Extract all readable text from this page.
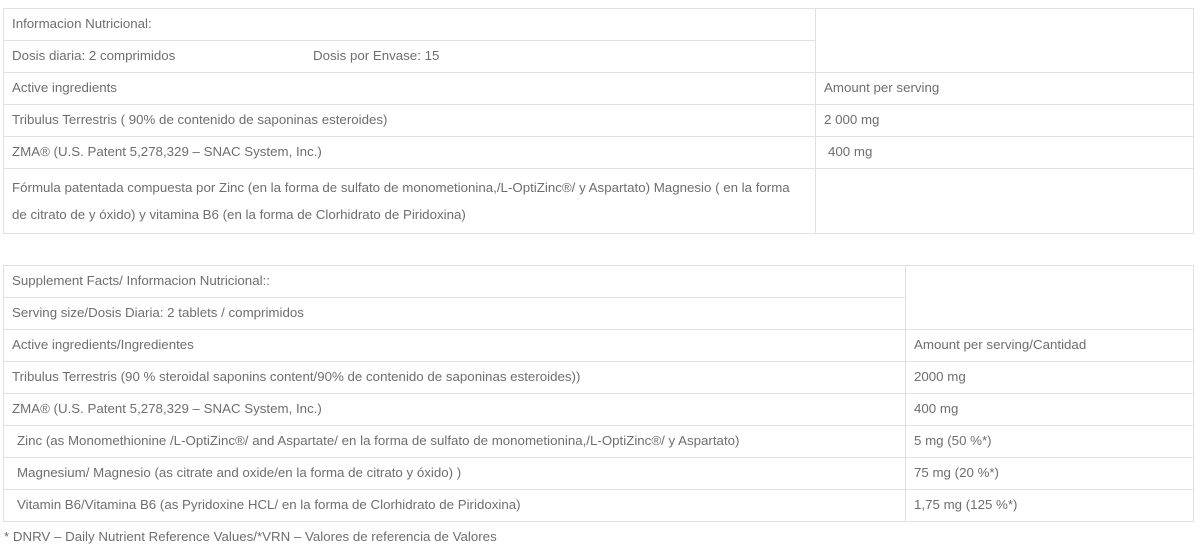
Informacion Nutricional:	
Dosis diaria: 2 comprimidos Dosis por Envase: 15	
Active ingredients	Amount per serving
Tribulus Terrestris ( 90% de contenido de saponinas esteroides)	2 000 mg
ZMA® (U.S. Patent 5,278,329 – SNAC System, Inc.)	400 mg
Fórmula patentada compuesta por Zinc (en la forma de sulfato de monometionina,/L-OptiZinc®/ y Aspartato) Magnesio ( en la forma de citrato de y óxido) y vitamina B6 (en la forma de Clorhidrato de Piridoxina)	
Supplement Facts/ Informacion Nutricional::	
Serving size/Dosis Diaria: 2 tablets / comprimidos	
Active ingredients/Ingredientes	Amount per serving/Cantidad
Tribulus Terrestris (90 % steroidal saponins content/90% de contenido de saponinas esteroides))	2000 mg
ZMA® (U.S. Patent 5,278,329 – SNAC System, Inc.)	400 mg
Zinc (as Monomethionine /L-OptiZinc®/ and Aspartate/ en la forma de sulfato de monometionina,/L-OptiZinc®/ y Aspartato)	5 mg (50 %*)
Magnesium/ Magnesio (as citrate and oxide/en la forma de citrato y óxido) )	75 mg (20 %*)
Vitamin B6/Vitamina B6 (as Pyridoxine HCL/ en la forma de Clorhidrato de Piridoxina)	1,75 mg (125 %*)
* DNRV – Daily Nutrient Reference Values/*VRN – Valores de referencia de Valores
